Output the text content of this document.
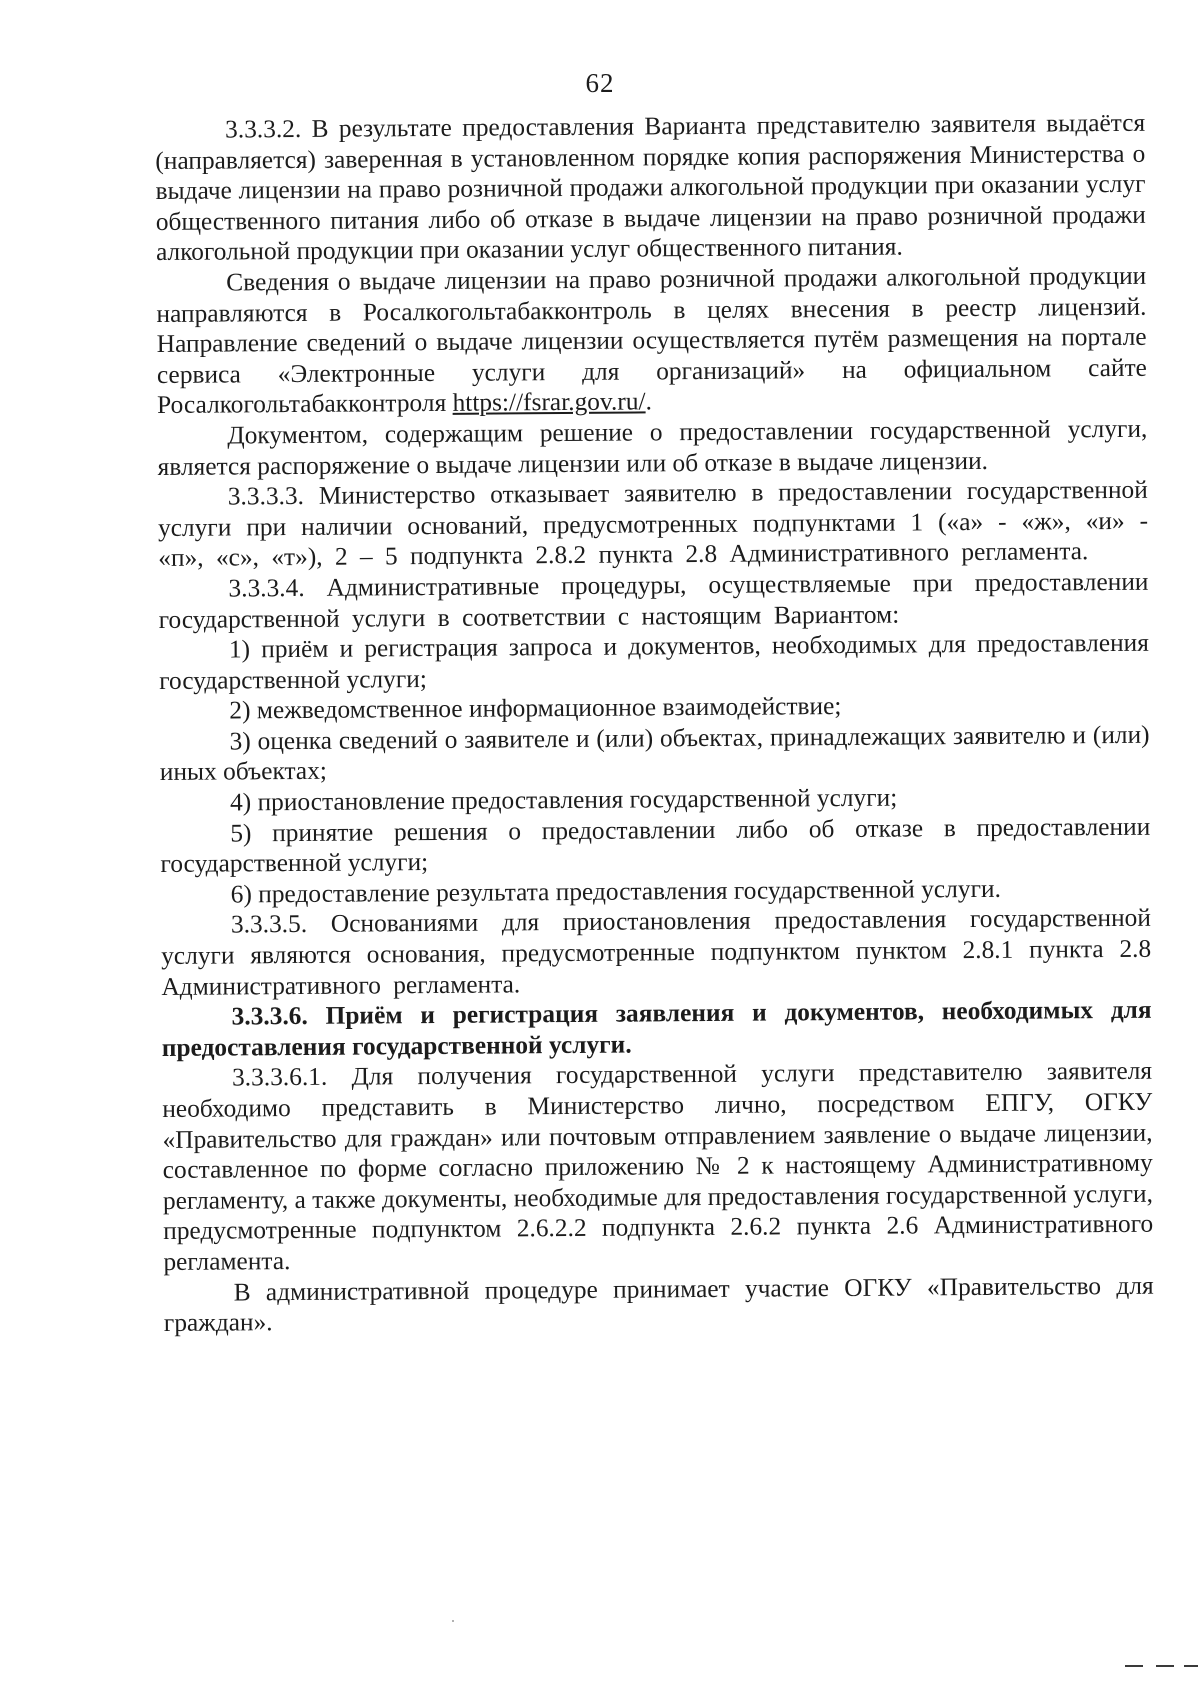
62

3.3.3.2. В результате предоставления Варианта представителю заявителя выдаётся (направляется) заверенная в установленном порядке копия распоряжения Министерства о выдаче лицензии на право розничной продажи алкогольной продукции при оказании услуг общественного питания либо об отказе в выдаче лицензии на право розничной продажи алкогольной продукции при оказании услуг общественного питания.

Сведения о выдаче лицензии на право розничной продажи алкогольной продукции направляются в Росалкогольтабакконтроль в целях внесения в реестр лицензий. Направление сведений о выдаче лицензии осуществляется путём размещения на портале сервиса «Электронные услуги для организаций» на официальном сайте Росалкогольтабакконтроля https://fsrar.gov.ru/.

Документом, содержащим решение о предоставлении государственной услуги, является распоряжение о выдаче лицензии или об отказе в выдаче лицензии.

3.3.3.3. Министерство отказывает заявителю в предоставлении государственной услуги при наличии оснований, предусмотренных подпунктами 1 («а» - «ж», «и» - «п», «с», «т»), 2 – 5 подпункта 2.8.2 пункта 2.8 Административного регламента.

3.3.3.4. Административные процедуры, осуществляемые при предоставлении государственной услуги в соответствии с настоящим Вариантом:

1) приём и регистрация запроса и документов, необходимых для предоставления государственной услуги;

2) межведомственное информационное взаимодействие;

3) оценка сведений о заявителе и (или) объектах, принадлежащих заявителю и (или) иных объектах;

4) приостановление предоставления государственной услуги;

5) принятие решения о предоставлении либо об отказе в предоставлении государственной услуги;

6) предоставление результата предоставления государственной услуги.

3.3.3.5. Основаниями для приостановления предоставления государственной услуги являются основания, предусмотренные подпунктом пунктом 2.8.1 пункта 2.8 Административного регламента.

3.3.3.6. Приём и регистрация заявления и документов, необходимых для предоставления государственной услуги.

3.3.3.6.1. Для получения государственной услуги представителю заявителя необходимо представить в Министерство лично, посредством ЕПГУ, ОГКУ «Правительство для граждан» или почтовым отправлением заявление о выдаче лицензии, составленное по форме согласно приложению № 2 к настоящему Административному регламенту, а также документы, необходимые для предоставления государственной услуги, предусмотренные подпунктом 2.6.2.2 подпункта 2.6.2 пункта 2.6 Административного регламента.

В административной процедуре принимает участие ОГКУ «Правительство для граждан».
